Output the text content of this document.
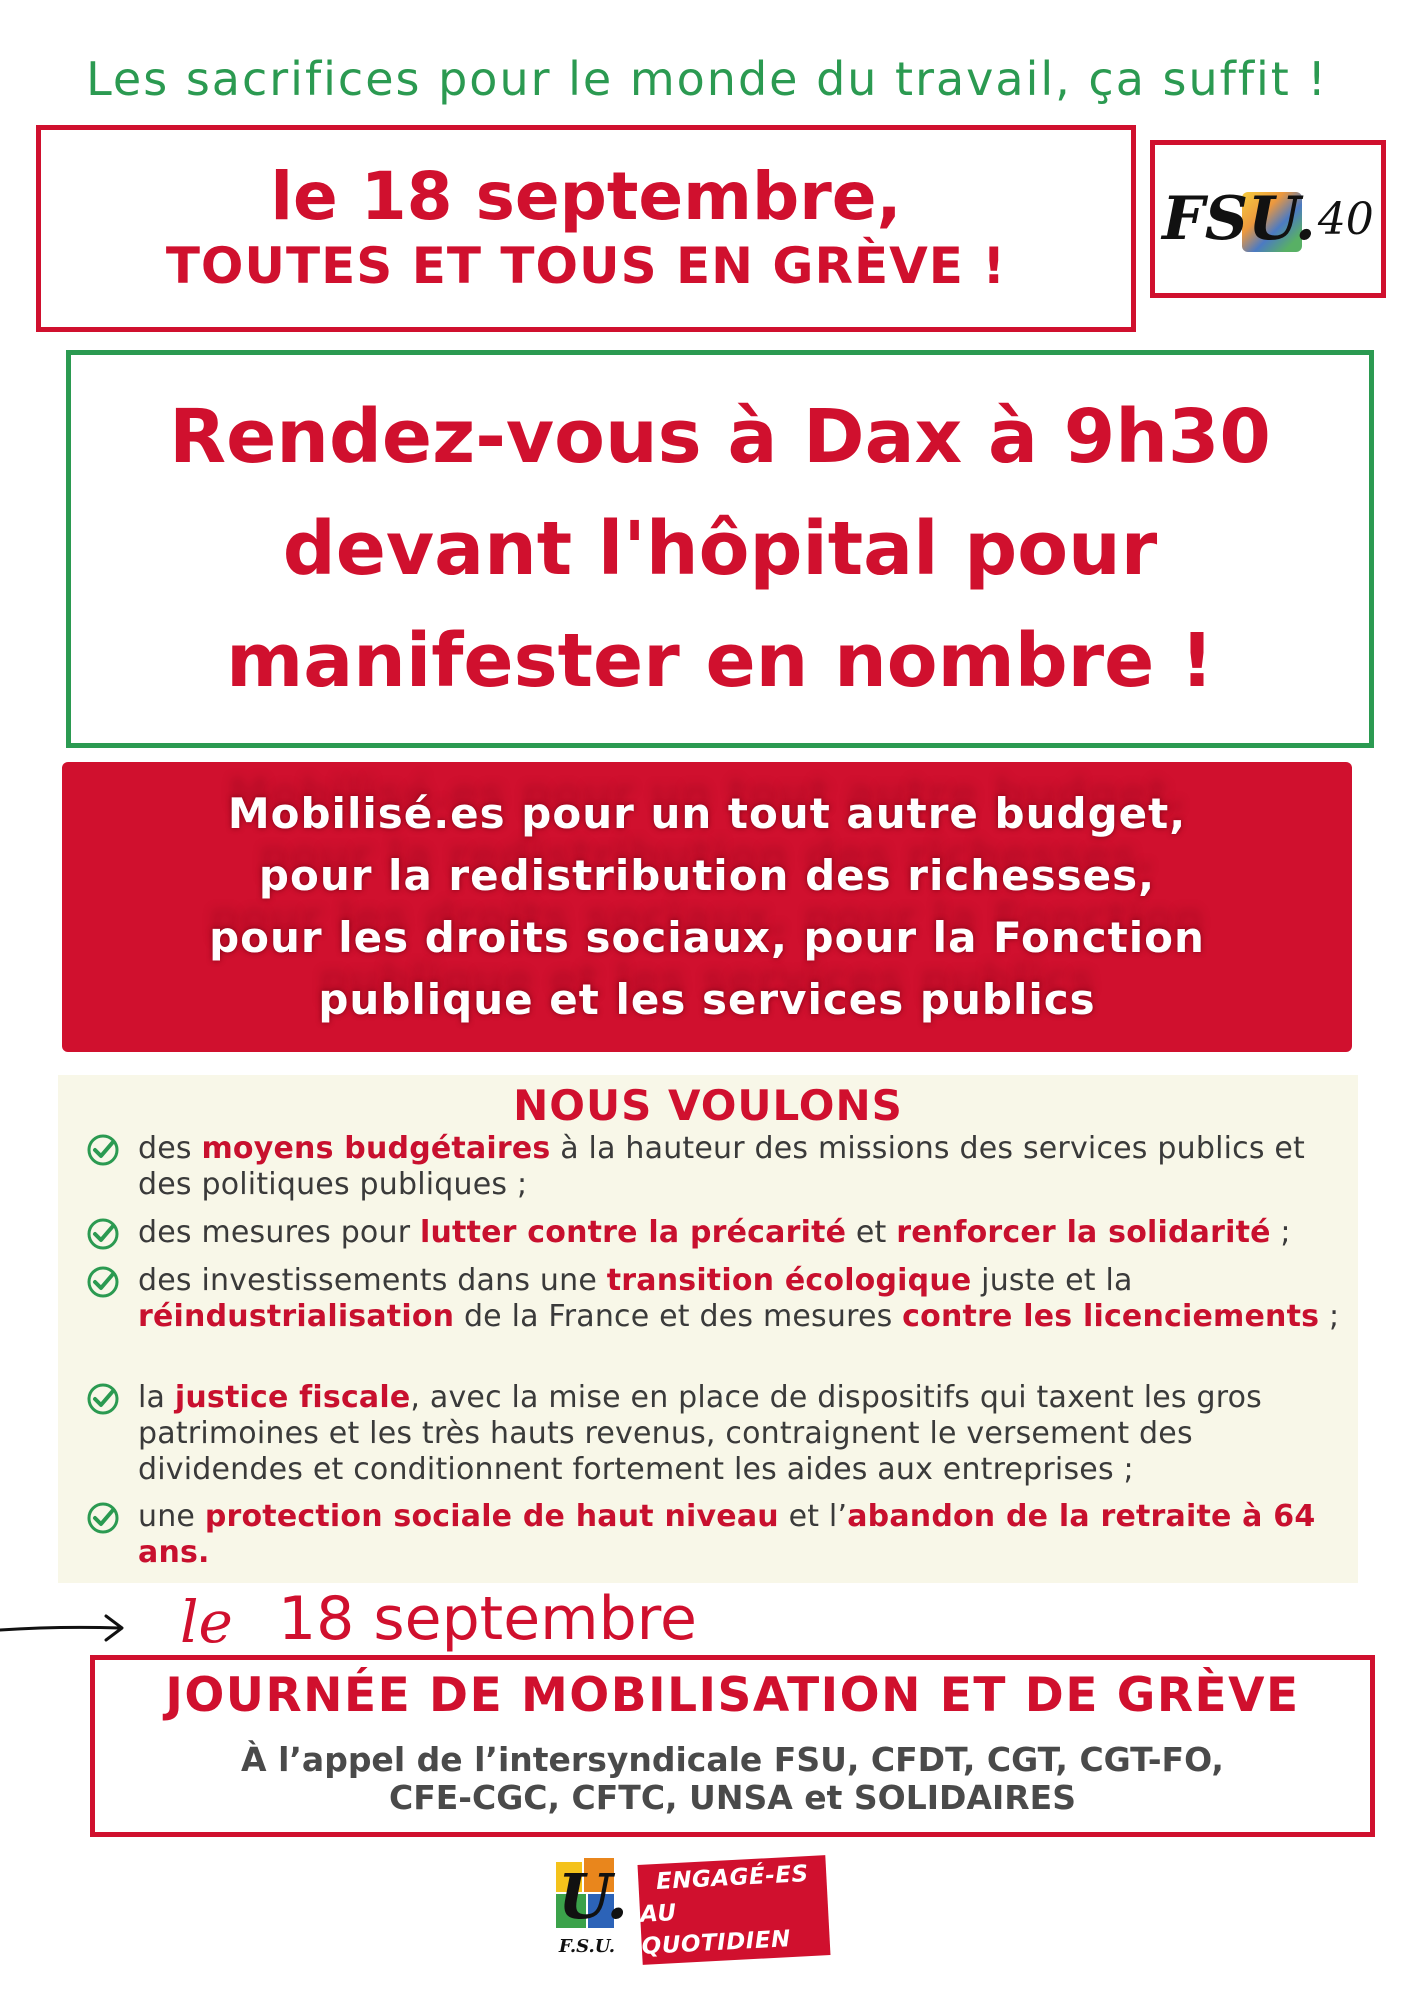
Les sacrifices pour le monde du travail, ça suffit !
le 18 septembre,
TOUTES ET TOUS EN GRÈVE !
FSU. 40
Rendez-vous à Dax à 9h30
devant l'hôpital pour
manifester en nombre !
Mobilisé.es pour un tout autre budget,
pour la redistribution des richesses,
pour les droits sociaux, pour la Fonction
publique et les services publics
NOUS VOULONS
des moyens budgétaires à la hauteur des missions des services publics et des politiques publiques ;
des mesures pour lutter contre la précarité et renforcer la solidarité ;
des investissements dans une transition écologique juste et la réindustrialisation de la France et des mesures contre les licenciements ;
la justice fiscale, avec la mise en place de dispositifs qui taxent les gros patrimoines et les très hauts revenus, contraignent le versement des dividendes et conditionnent fortement les aides aux entreprises ;
une protection sociale de haut niveau et l’abandon de la retraite à 64 ans.
le 18 septembre
JOURNÉE DE MOBILISATION ET DE GRÈVE
À l’appel de l’intersyndicale FSU, CFDT, CGT, CGT-FO,
CFE-CGC, CFTC, UNSA et SOLIDAIRES
U.
F.S.U.
ENGAGÉ-ES
AU QUOTIDIEN
